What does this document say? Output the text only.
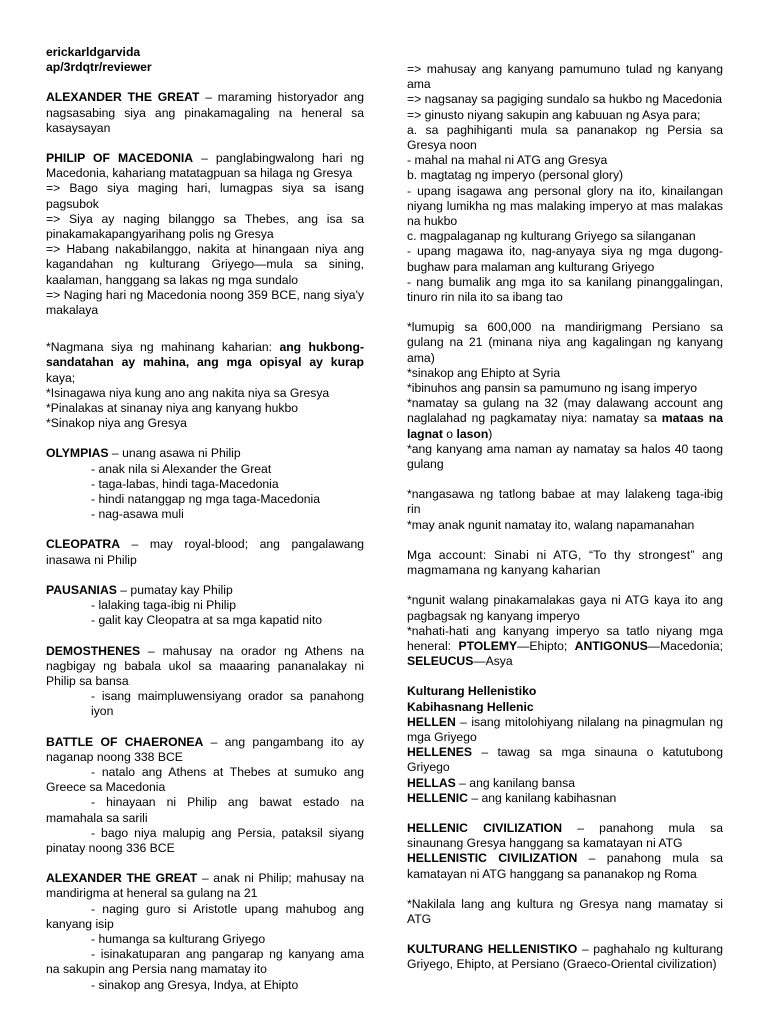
erickarldgarvida

ap/3rdqtr/reviewer

ALEXANDER THE GREAT – maraming historyador ang nagsasabing siya ang pinakamagaling na heneral sa kasaysayan

PHILIP OF MACEDONIA – panglabingwalong hari ng Macedonia, kahariang matatagpuan sa hilaga ng Gresya

=> Bago siya maging hari, lumagpas siya sa isang pagsubok

=> Siya ay naging bilanggo sa Thebes, ang isa sa pinakamakapangyarihang polis ng Gresya

=> Habang nakabilanggo, nakita at hinangaan niya ang kagandahan ng kulturang Griyego—mula sa sining, kaalaman, hanggang sa lakas ng mga sundalo

=> Naging hari ng Macedonia noong 359 BCE, nang siya'y makalaya

*Nagmana siya ng mahinang kaharian: ang hukbong-sandatahan ay mahina, ang mga opisyal ay kurap kaya;

*Isinagawa niya kung ano ang nakita niya sa Gresya

*Pinalakas at sinanay niya ang kanyang hukbo

*Sinakop niya ang Gresya

OLYMPIAS – unang asawa ni Philip

- anak nila si Alexander the Great

- taga-labas, hindi taga-Macedonia

- hindi natanggap ng mga taga-Macedonia

- nag-asawa muli

CLEOPATRA – may royal-blood; ang pangalawang inasawa ni Philip

PAUSANIAS – pumatay kay Philip

- lalaking taga-ibig ni Philip

- galit kay Cleopatra at sa mga kapatid nito

DEMOSTHENES – mahusay na orador ng Athens na nagbigay ng babala ukol sa maaaring pananalakay ni Philip sa bansa

- isang maimpluwensiyang orador sa panahong iyon

BATTLE OF CHAERONEA – ang pangambang ito ay naganap noong 338 BCE

- natalo ang Athens at Thebes at sumuko ang Greece sa Macedonia

- hinayaan ni Philip ang bawat estado na mamahala sa sarili

- bago niya malupig ang Persia, pataksil siyang pinatay noong 336 BCE

ALEXANDER THE GREAT – anak ni Philip; mahusay na mandirigma at heneral sa gulang na 21

- naging guro si Aristotle upang mahubog ang kanyang isip

- humanga sa kulturang Griyego

- isinakatuparan ang pangarap ng kanyang ama na sakupin ang Persia nang mamatay ito

- sinakop ang Gresya, Indya, at Ehipto

=> mahusay ang kanyang pamumuno tulad ng kanyang ama

=> nagsanay sa pagiging sundalo sa hukbo ng Macedonia

=> ginusto niyang sakupin ang kabuuan ng Asya para;

a. sa paghihiganti mula sa pananakop ng Persia sa Gresya noon

- mahal na mahal ni ATG ang Gresya

b. magtatag ng imperyo (personal glory)

- upang isagawa ang personal glory na ito, kinailangan niyang lumikha ng mas malaking imperyo at mas malakas na hukbo

c. magpalaganap ng kulturang Griyego sa silanganan

- upang magawa ito, nag-anyaya siya ng mga dugong-bughaw para malaman ang kulturang Griyego

- nang bumalik ang mga ito sa kanilang pinanggalingan, tinuro rin nila ito sa ibang tao

*lumupig sa 600,000 na mandirigmang Persiano sa gulang na 21 (minana niya ang kagalingan ng kanyang ama)

*sinakop ang Ehipto at Syria

*ibinuhos ang pansin sa pamumuno ng isang imperyo

*namatay sa gulang na 32 (may dalawang account ang naglalahad ng pagkamatay niya: namatay sa mataas na lagnat o lason)

*ang kanyang ama naman ay namatay sa halos 40 taong gulang

*nangasawa ng tatlong babae at may lalakeng taga-ibig rin

*may anak ngunit namatay ito, walang napamanahan

Mga account: Sinabi ni ATG, “To thy strongest” ang magmamana ng kanyang kaharian

*ngunit walang pinakamalakas gaya ni ATG kaya ito ang pagbagsak ng kanyang imperyo

*nahati-hati ang kanyang imperyo sa tatlo niyang mga heneral: PTOLEMY—Ehipto; ANTIGONUS—Macedonia; SELEUCUS—Asya

Kulturang Hellenistiko

Kabihasnang Hellenic

HELLEN – isang mitolohiyang nilalang na pinagmulan ng mga Griyego

HELLENES – tawag sa mga sinauna o katutubong Griyego

HELLAS – ang kanilang bansa

HELLENIC – ang kanilang kabihasnan

HELLENIC CIVILIZATION – panahong mula sa sinaunang Gresya hanggang sa kamatayan ni ATG

HELLENISTIC CIVILIZATION – panahong mula sa kamatayan ni ATG hanggang sa pananakop ng Roma

*Nakilala lang ang kultura ng Gresya nang mamatay si ATG

KULTURANG HELLENISTIKO – paghahalo ng kulturang Griyego, Ehipto, at Persiano (Graeco-Oriental civilization)
